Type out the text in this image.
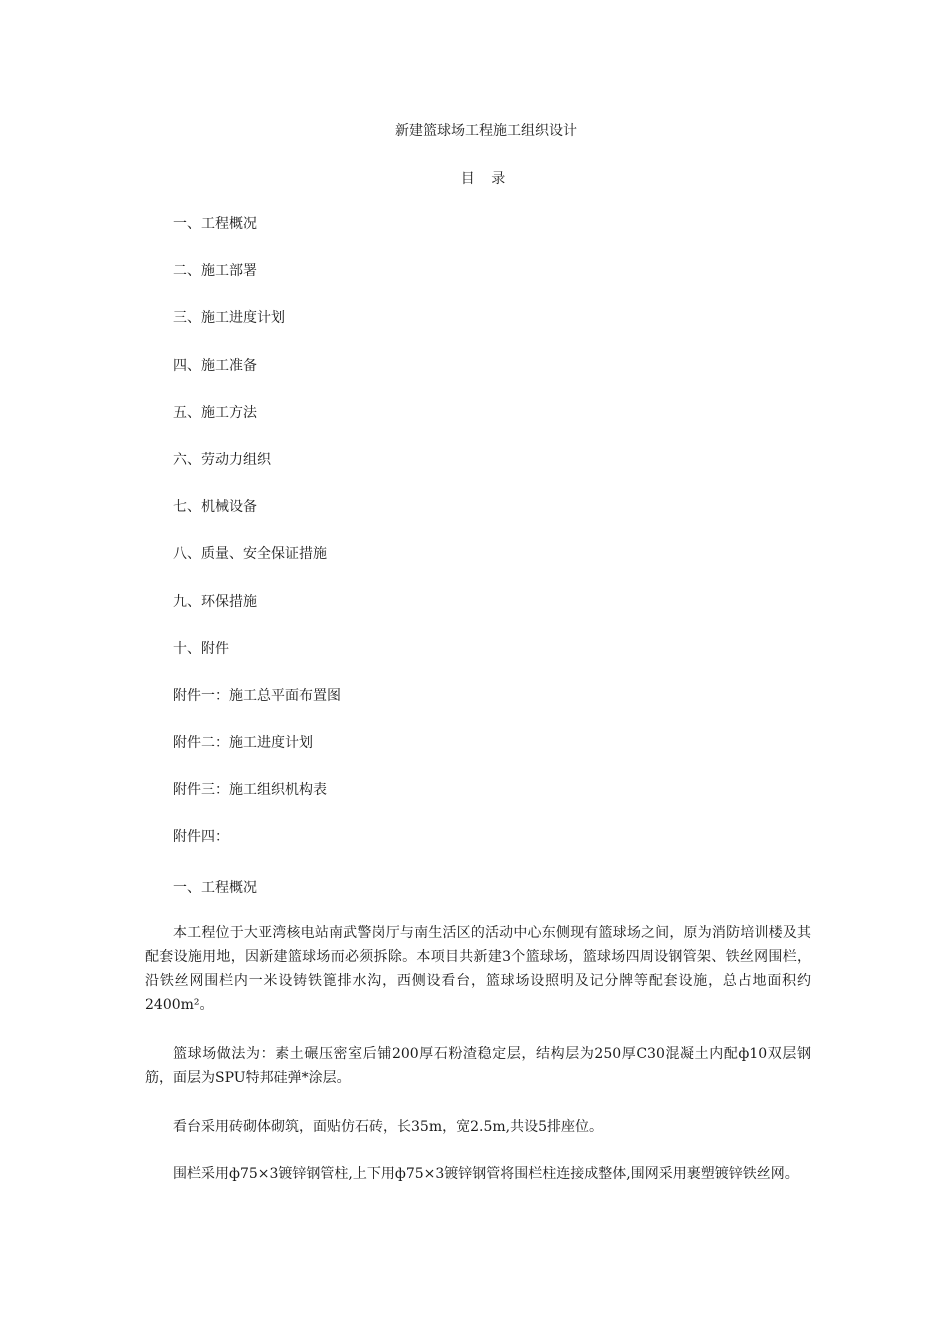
新建篮球场工程施工组织设计
目 录
一、工程概况
二、施工部署
三、施工进度计划
四、施工准备
五、施工方法
六、劳动力组织
七、机械设备
八、质量、安全保证措施
九、环保措施
十、附件
附件一：施工总平面布置图
附件二：施工进度计划
附件三：施工组织机构表
附件四：
一、工程概况

本工程位于大亚湾核电站南武警岗厅与南生活区的活动中心东侧现有篮球场之间，原为消防培训楼及其配套设施用地，因新建篮球场而必须拆除。本项目共新建3个篮球场，篮球场四周设钢管架、铁丝网围栏，沿铁丝网围栏内一米设铸铁篦排水沟，西侧设看台，篮球场设照明及记分牌等配套设施，总占地面积约2400m²。

篮球场做法为：素土碾压密室后铺200厚石粉渣稳定层，结构层为250厚C30混凝土内配ф10双层钢筋，面层为SPU特邦硅弹*涂层。

看台采用砖砌体砌筑，面贴仿石砖，长35m，宽2.5m,共设5排座位。

围栏采用ф75×3镀锌钢管柱,上下用ф75×3镀锌钢管将围栏柱连接成整体,围网采用裹塑镀锌铁丝网。
